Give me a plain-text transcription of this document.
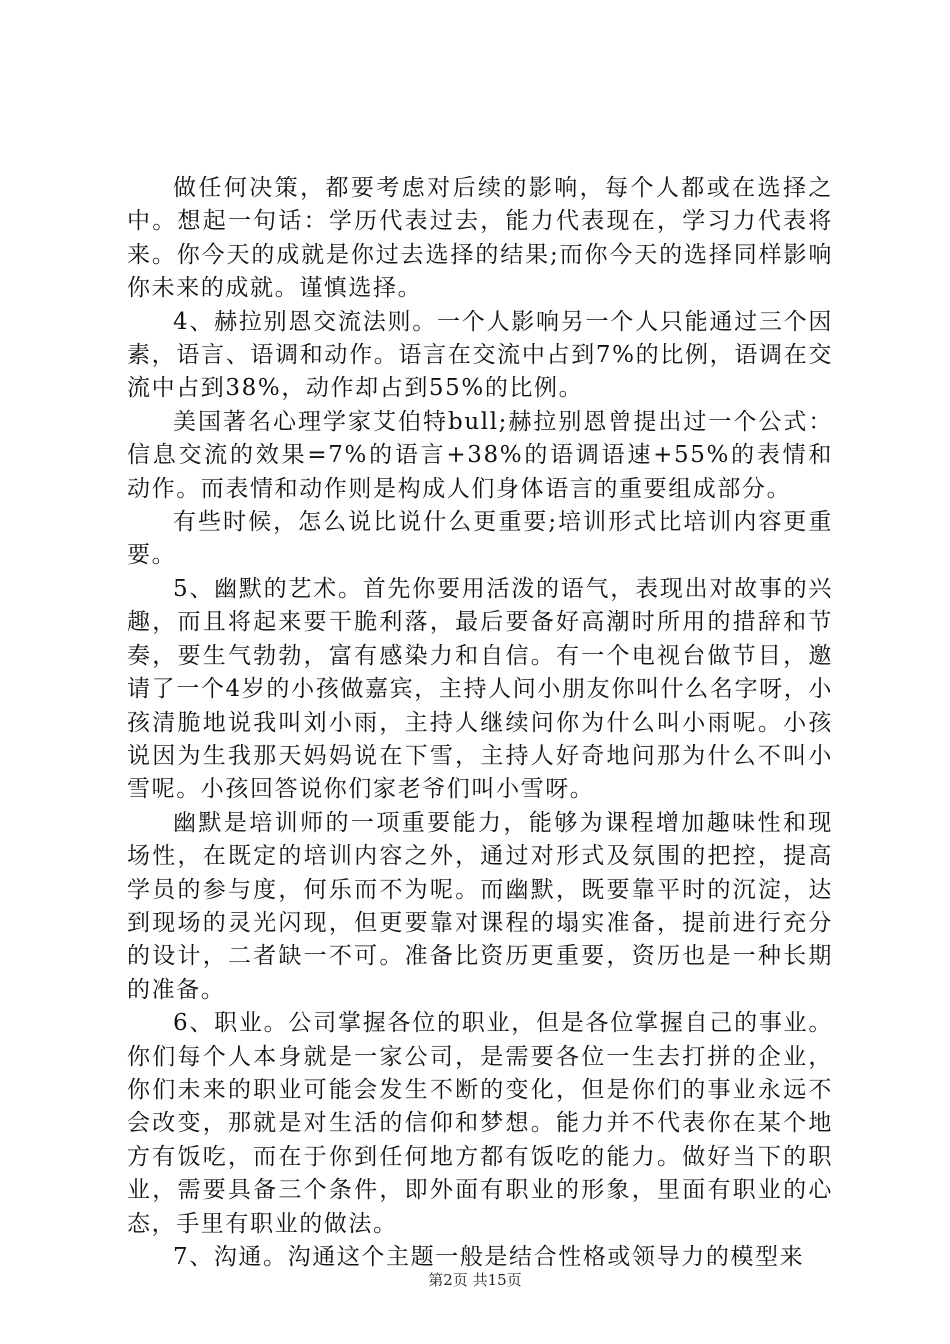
做任何决策，都要考虑对后续的影响，每个人都或在选择之中。想起一句话：学历代表过去，能力代表现在，学习力代表将来。你今天的成就是你过去选择的结果;而你今天的选择同样影响你未来的成就。谨慎选择。

4、赫拉别恩交流法则。一个人影响另一个人只能通过三个因素，语言、语调和动作。语言在交流中占到7%的比例，语调在交流中占到38%，动作却占到55%的比例。

美国著名心理学家艾伯特bull;赫拉别恩曾提出过一个公式：信息交流的效果=7%的语言+38%的语调语速+55%的表情和动作。而表情和动作则是构成人们身体语言的重要组成部分。

有些时候，怎么说比说什么更重要;培训形式比培训内容更重要。

5、幽默的艺术。首先你要用活泼的语气，表现出对故事的兴趣，而且将起来要干脆利落，最后要备好高潮时所用的措辞和节奏，要生气勃勃，富有感染力和自信。有一个电视台做节目，邀请了一个4岁的小孩做嘉宾，主持人问小朋友你叫什么名字呀，小孩清脆地说我叫刘小雨，主持人继续问你为什么叫小雨呢。小孩说因为生我那天妈妈说在下雪，主持人好奇地问那为什么不叫小雪呢。小孩回答说你们家老爷们叫小雪呀。

幽默是培训师的一项重要能力，能够为课程增加趣味性和现场性，在既定的培训内容之外，通过对形式及氛围的把控，提高学员的参与度，何乐而不为呢。而幽默，既要靠平时的沉淀，达到现场的灵光闪现，但更要靠对课程的塌实准备，提前进行充分的设计，二者缺一不可。准备比资历更重要，资历也是一种长期的准备。

6、职业。公司掌握各位的职业，但是各位掌握自己的事业。你们每个人本身就是一家公司，是需要各位一生去打拼的企业，你们未来的职业可能会发生不断的变化，但是你们的事业永远不会改变，那就是对生活的信仰和梦想。能力并不代表你在某个地方有饭吃，而在于你到任何地方都有饭吃的能力。做好当下的职业，需要具备三个条件，即外面有职业的形象，里面有职业的心态，手里有职业的做法。

7、沟通。沟通这个主题一般是结合性格或领导力的模型来

第2页 共15页
